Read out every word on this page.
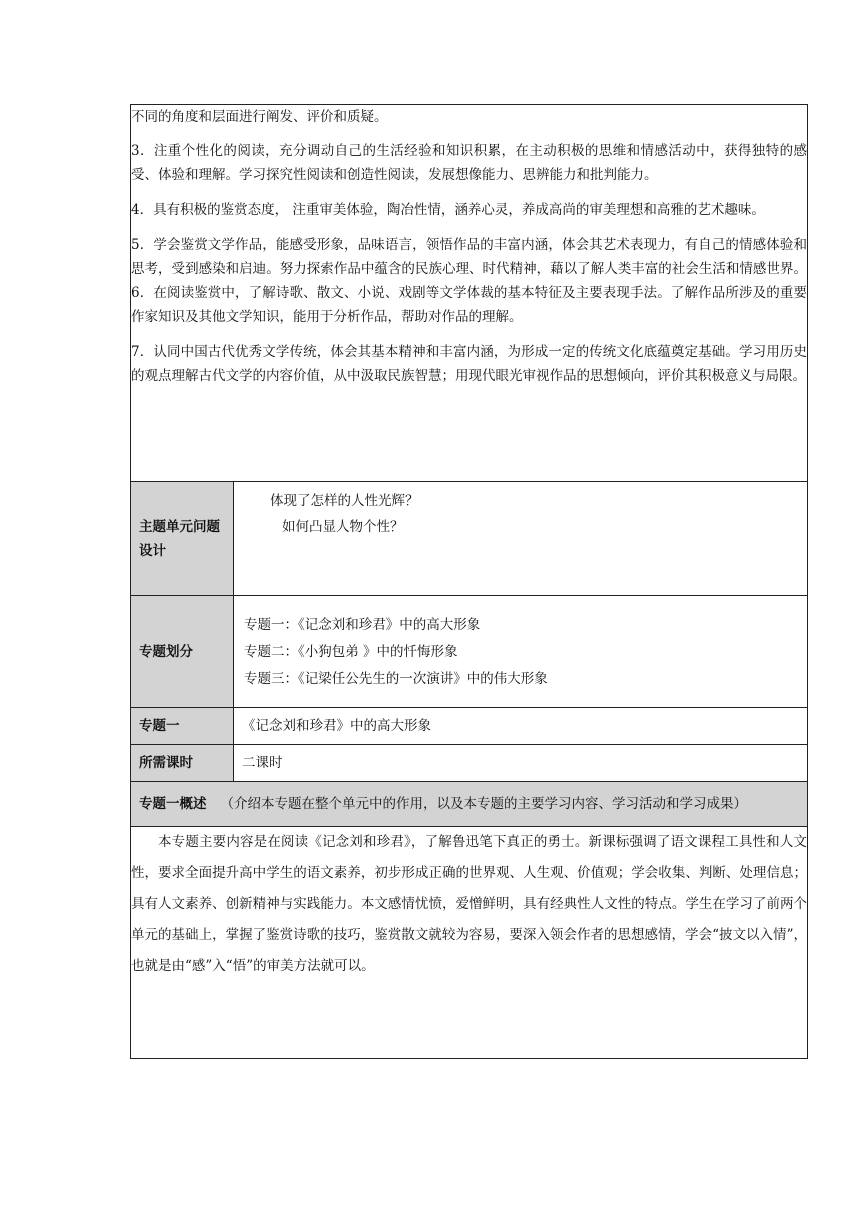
不同的角度和层面进行阐发、评价和质疑。

3．注重个性化的阅读，充分调动自己的生活经验和知识积累，在主动积极的思维和情感活动中，获得独特的感受、体验和理解。学习探究性阅读和创造性阅读，发展想像能力、思辨能力和批判能力。

4．具有积极的鉴赏态度， 注重审美体验，陶冶性情，涵养心灵，养成高尚的审美理想和高雅的艺术趣味。

5．学会鉴赏文学作品，能感受形象，品味语言，领悟作品的丰富内涵，体会其艺术表现力，有自己的情感体验和思考，受到感染和启迪。努力探索作品中蕴含的民族心理、时代精神，藉以了解人类丰富的社会生活和情感世界。6．在阅读鉴赏中，了解诗歌、散文、小说、戏剧等文学体裁的基本特征及主要表现手法。了解作品所涉及的重要作家知识及其他文学知识，能用于分析作品，帮助对作品的理解。

7．认同中国古代优秀文学传统，体会其基本精神和丰富内涵，为形成一定的传统文化底蕴奠定基础。学习用历史的观点理解古代文学的内容价值，从中汲取民族智慧；用现代眼光审视作品的思想倾向，评价其积极意义与局限。	

主题单元问题设计	体现了怎样的人性光辉？
如何凸显人物个性？

专题划分	专题一：《记念刘和珍君》中的高大形象
专题二：《小狗包弟 》中的忏悔形象
专题三：《记梁任公先生的一次演讲》中的伟大形象

专题一	《记念刘和珍君》中的高大形象
所需课时	二课时
专题一概述 （介绍本专题在整个单元中的作用，以及本专题的主要学习内容、学习活动和学习成果）	

本专题主要内容是在阅读《记念刘和珍君》，了解鲁迅笔下真正的勇士。新课标强调了语文课程工具性和人文性，要求全面提升高中学生的语文素养，初步形成正确的世界观、人生观、价值观；学会收集、判断、处理信息；具有人文素养、创新精神与实践能力。本文感情忧愤，爱憎鲜明，具有经典性人文性的特点。学生在学习了前两个单元的基础上，掌握了鉴赏诗歌的技巧，鉴赏散文就较为容易，要深入领会作者的思想感情，学会“披文以入情”，也就是由“感”入“悟”的审美方法就可以。	
